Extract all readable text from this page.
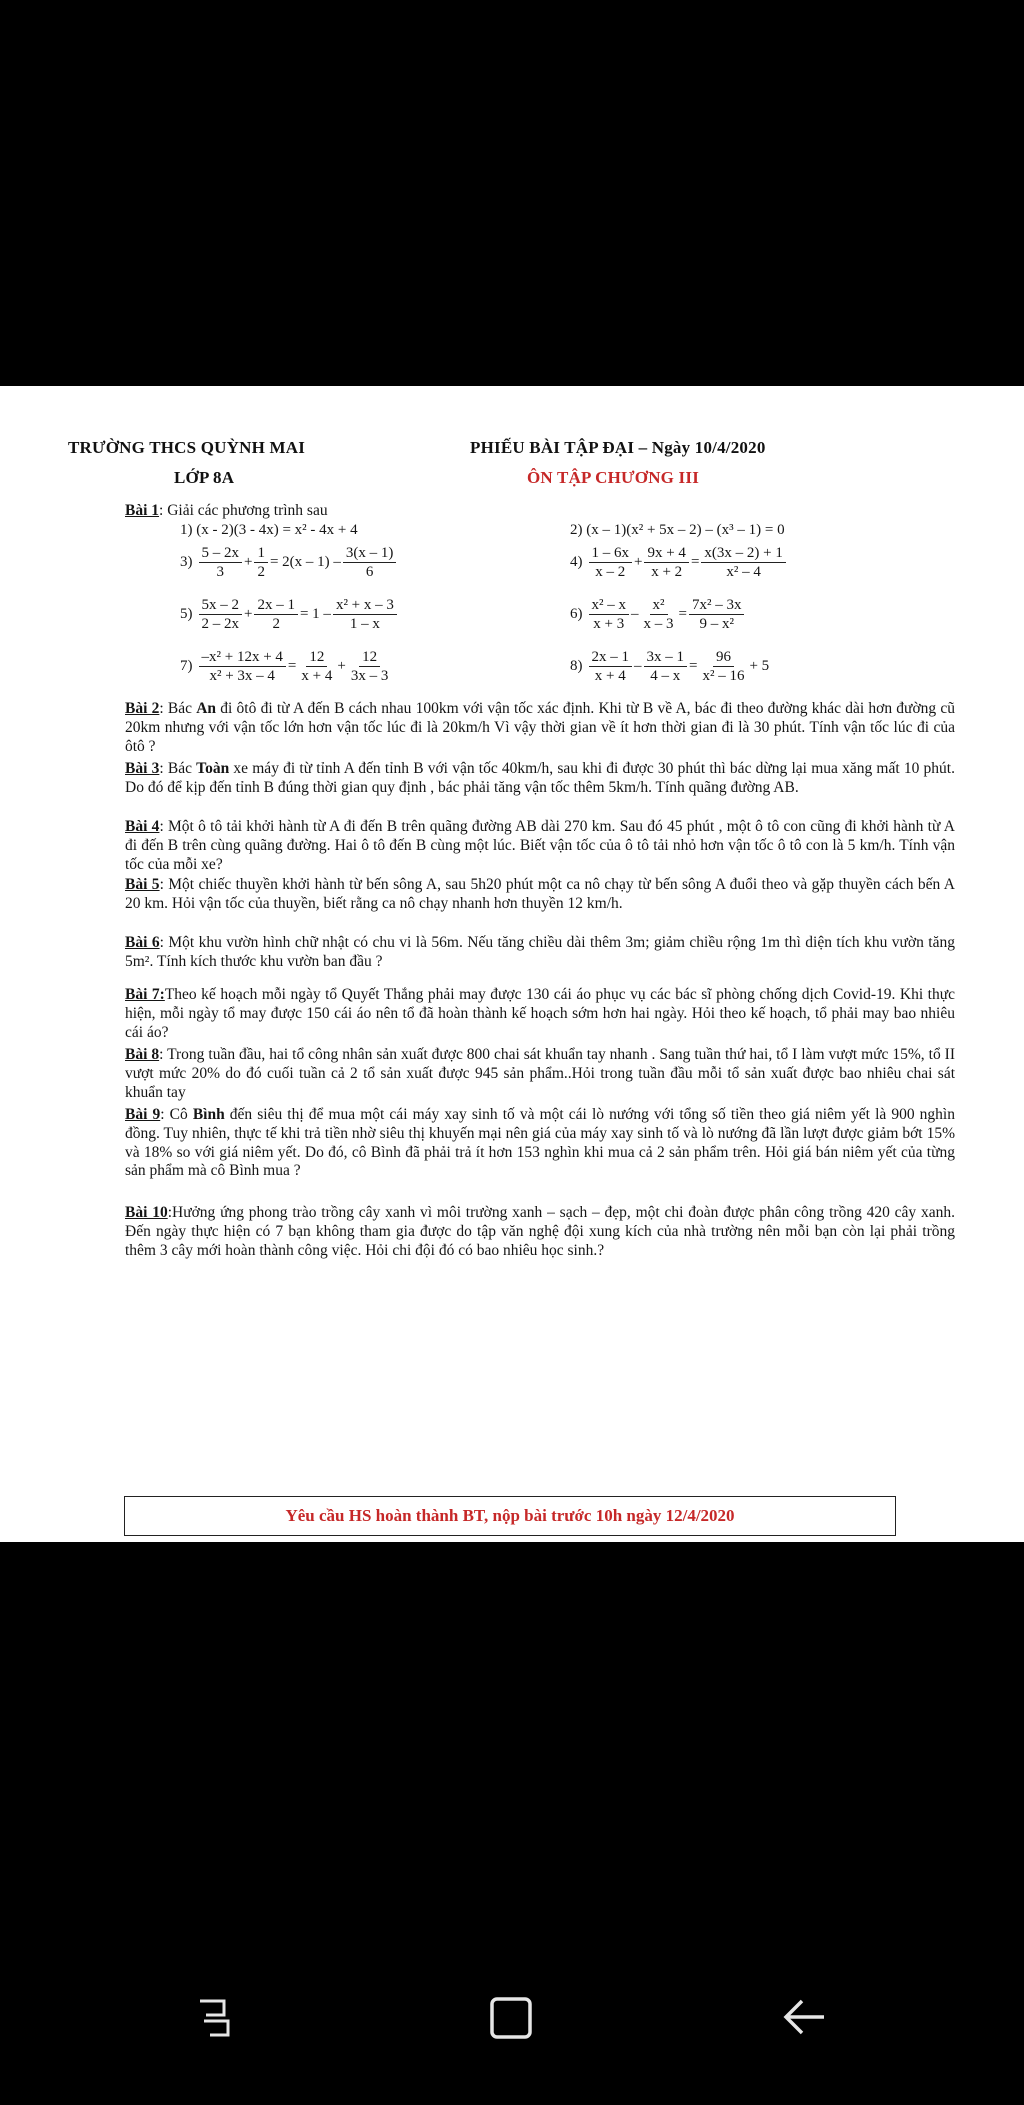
TRƯỜNG THCS QUỲNH MAI
LỚP 8A
PHIẾU BÀI TẬP ĐẠI – Ngày 10/4/2020
ÔN TẬP CHƯƠNG III
Bài 1: Giải các phương trình sau
1) (x - 2)(3 - 4x) = x² - 4x + 4	2) (x – 1)(x² + 5x – 2) – (x³ – 1) = 0
$3) \frac{5 - 2x}{3} + \frac{1}{2} = 2(x - 1) - \frac{3(x - 1)}{6}$	$4) \frac{1 - 6x}{x - 2} + \frac{9x + 4}{x + 2} = \frac{x(3x - 2) + 1}{\text{x² – 4}}$
$5) \frac{5x - 2}{2 - 2x} + \frac{2x - 1}{2} = 1 - \frac{\text{x² + x – 3}}{1 - x}$	$6) \frac{\text{x² – x}}{x + 3} - \frac{\text{x²}}{x - 3} = \frac{\text{7x² – 3x}}{\text{9 – x²}}$
$7) \frac{\text{–x² + 12x + 4}}{\text{x² + 3x – 4}} = \frac{12}{x + 4} + \frac{12}{3x - 3}$	$8) \frac{2x - 1}{x + 4} - \frac{3x - 1}{4 - x} = \frac{96}{\text{x² – 16}} + 5$
Bài 2: Bác An đi ôtô đi từ A đến B cách nhau 100km với vận tốc xác định. Khi từ B về A, bác đi theo đường khác dài hơn đường cũ 20km nhưng với vận tốc lớn hơn vận tốc lúc đi là 20km/h Vì vậy thời gian về ít hơn thời gian đi là 30 phút. Tính vận tốc lúc đi của ôtô ?
Bài 3: Bác Toàn xe máy đi từ tỉnh A đến tỉnh B với vận tốc 40km/h, sau khi đi được 30 phút thì bác dừng lại mua xăng mất 10 phút. Do đó để kịp đến tỉnh B đúng thời gian quy định , bác phải tăng vận tốc thêm 5km/h. Tính quãng đường AB.
Bài 4: Một ô tô tải khởi hành từ A đi đến B trên quãng đường AB dài 270 km. Sau đó 45 phút , một ô tô con cũng đi khởi hành từ A đi đến B trên cùng quãng đường. Hai ô tô đến B cùng một lúc. Biết vận tốc của ô tô tải nhỏ hơn vận tốc ô tô con là 5 km/h. Tính vận tốc của mỗi xe?
Bài 5: Một chiếc thuyền khởi hành từ bến sông A, sau 5h20 phút một ca nô chạy từ bến sông A đuổi theo và gặp thuyền cách bến A 20 km. Hỏi vận tốc của thuyền, biết rằng ca nô chạy nhanh hơn thuyền 12 km/h.
Bài 6: Một khu vườn hình chữ nhật có chu vi là 56m. Nếu tăng chiều dài thêm 3m; giảm chiều rộng 1m thì diện tích khu vườn tăng 5m². Tính kích thước khu vườn ban đầu ?
Bài 7:Theo kế hoạch mỗi ngày tổ Quyết Thắng phải may được 130 cái áo phục vụ các bác sĩ phòng chống dịch Covid-19. Khi thực hiện, mỗi ngày tổ may được 150 cái áo nên tổ đã hoàn thành kế hoạch sớm hơn hai ngày. Hỏi theo kế hoạch, tổ phải may bao nhiêu cái áo?
Bài 8: Trong tuần đầu, hai tổ công nhân sản xuất được 800 chai sát khuẩn tay nhanh . Sang tuần thứ hai, tổ I làm vượt mức 15%, tổ II vượt mức 20% do đó cuối tuần cả 2 tổ sản xuất được 945 sản phẩm..Hỏi trong tuần đầu mỗi tổ sản xuất được bao nhiêu chai sát khuẩn tay
Bài 9: Cô Bình đến siêu thị để mua một cái máy xay sinh tố và một cái lò nướng với tổng số tiền theo giá niêm yết là 900 nghìn đồng. Tuy nhiên, thực tế khi trả tiền nhờ siêu thị khuyến mại nên giá của máy xay sinh tố và lò nướng đã lần lượt được giảm bớt 15% và 18% so với giá niêm yết. Do đó, cô Bình đã phải trả ít hơn 153 nghìn khi mua cả 2 sản phẩm trên. Hỏi giá bán niêm yết của từng sản phẩm mà cô Bình mua ?
Bài 10:Hưởng ứng phong trào trồng cây xanh vì môi trường xanh – sạch – đẹp, một chi đoàn được phân công trồng 420 cây xanh. Đến ngày thực hiện có 7 bạn không tham gia được do tập văn nghệ đội xung kích của nhà trường nên mỗi bạn còn lại phải trồng thêm 3 cây mới hoàn thành công việc. Hỏi chi đội đó có bao nhiêu học sinh.?
Yêu cầu HS hoàn thành BT, nộp bài trước 10h ngày 12/4/2020
